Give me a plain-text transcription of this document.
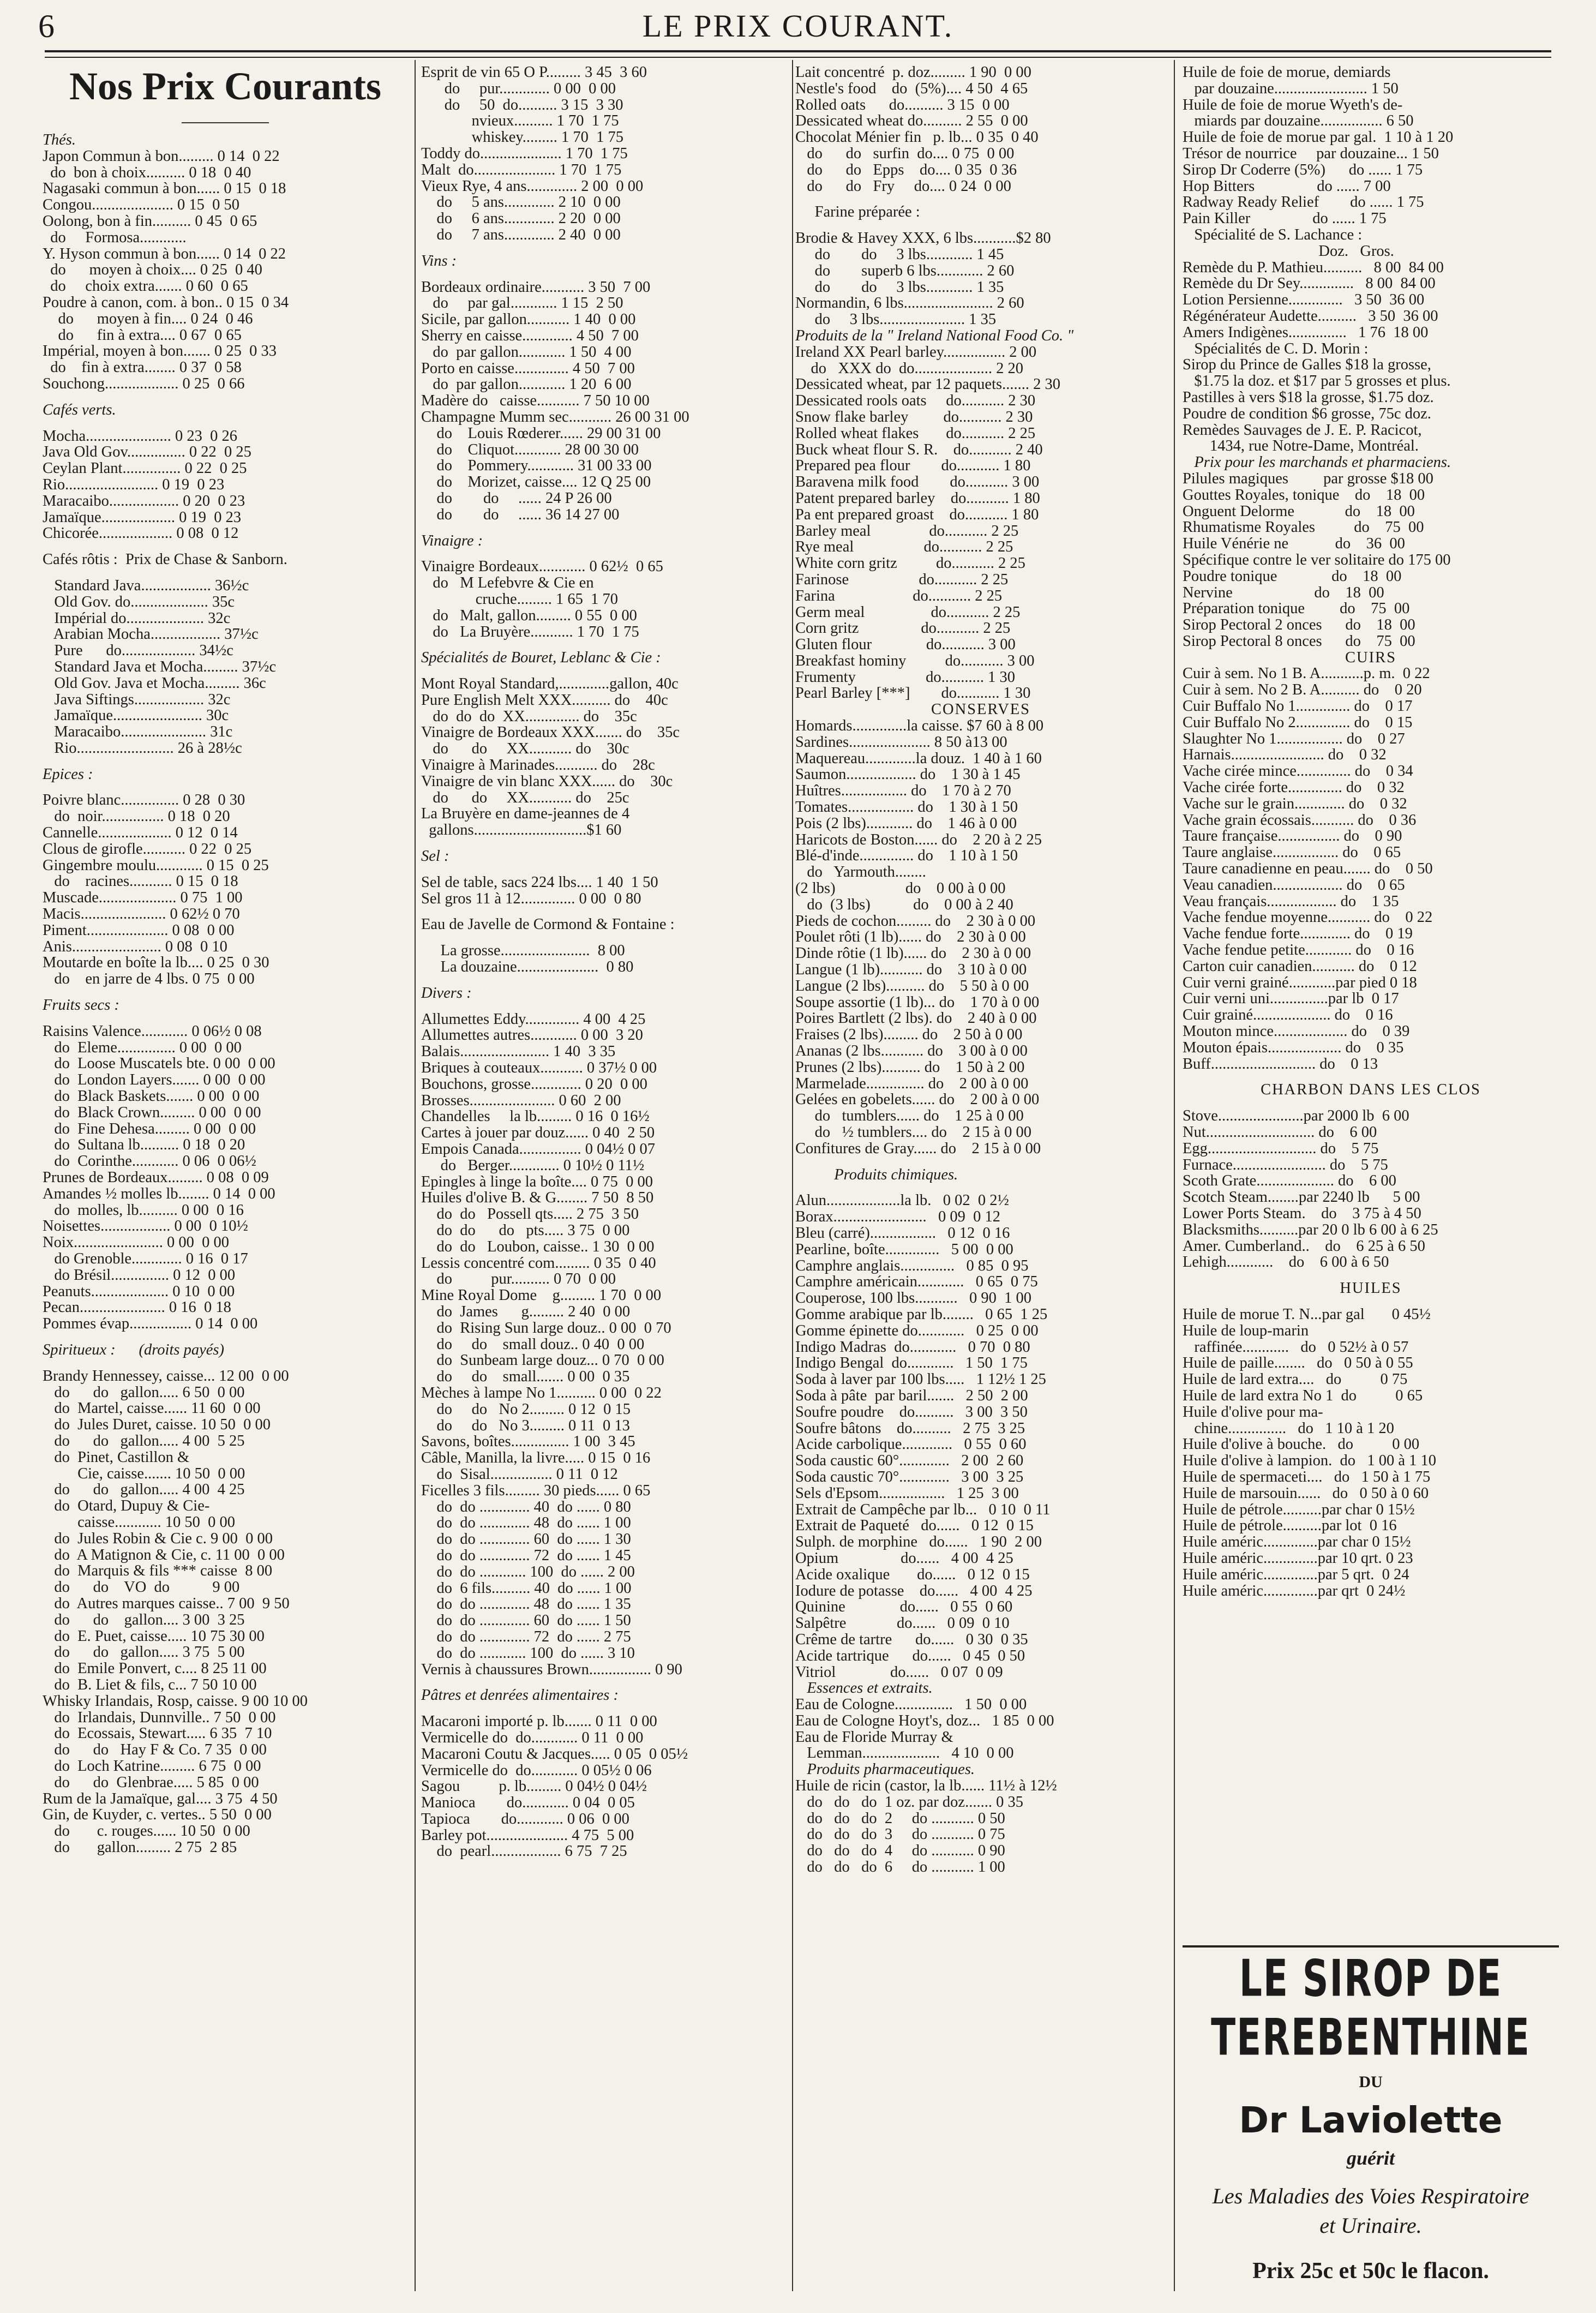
6	LE PRIX COURANT.
Nos Prix Courants
Thés.
Japon Commun à bon......... 0 14  0 22
do  bon à choix.......... 0 18  0 40
Nagasaki commun à bon...... 0 15  0 18
Congou..................... 0 15  0 50
Oolong, bon à fin.......... 0 45  0 65
do     Formosa............
Y. Hyson commun à bon...... 0 14  0 22
do      moyen à choix.... 0 25  0 40
do     choix extra....... 0 60  0 65
Poudre à canon, com. à bon.. 0 15  0 34
do      moyen à fin.... 0 24  0 46
do      fin à extra.... 0 67  0 65
Impérial, moyen à bon....... 0 25  0 33
do    fin à extra........ 0 37  0 58
Souchong................... 0 25  0 66
Cafés verts.
Mocha...................... 0 23  0 26
Java Old Gov............... 0 22  0 25
Ceylan Plant............... 0 22  0 25
Rio........................ 0 19  0 23
Maracaibo.................. 0 20  0 23
Jamaïque................... 0 19  0 23
Chicorée................... 0 08  0 12
Cafés rôtis :  Prix de Chase & Sanborn.
Standard Java.................. 36½c
Old Gov. do.................... 35c
Impérial do.................... 32c
Arabian Mocha.................. 37½c
Pure      do................... 34½c
Standard Java et Mocha......... 37½c
Old Gov. Java et Mocha......... 36c
Java Siftings.................. 32c
Jamaïque....................... 30c
Maracaibo...................... 31c
Rio......................... 26 à 28½c
Epices :
Poivre blanc............... 0 28  0 30
do  noir................ 0 18  0 20
Cannelle................... 0 12  0 14
Clous de girofle........... 0 22  0 25
Gingembre moulu............ 0 15  0 25
do    racines........... 0 15  0 18
Muscade.................... 0 75  1 00
Macis...................... 0 62½ 0 70
Piment..................... 0 08  0 00
Anis....................... 0 08  0 10
Moutarde en boîte la lb.... 0 25  0 30
do    en jarre de 4 lbs. 0 75  0 00
Fruits secs :
Raisins Valence............ 0 06½ 0 08
do  Eleme............... 0 00  0 00
do  Loose Muscatels bte. 0 00  0 00
do  London Layers....... 0 00  0 00
do  Black Baskets....... 0 00  0 00
do  Black Crown......... 0 00  0 00
do  Fine Dehesa......... 0 00  0 00
do  Sultana lb.......... 0 18  0 20
do  Corinthe............ 0 06  0 06½
Prunes de Bordeaux......... 0 08  0 09
Amandes ½ molles lb........ 0 14  0 00
do  molles, lb.......... 0 00  0 16
Noisettes.................. 0 00  0 10½
Noix....................... 0 00  0 00
do Grenoble............. 0 16  0 17
do Brésil............... 0 12  0 00
Peanuts.................... 0 10  0 00
Pecan...................... 0 16  0 18
Pommes évap................ 0 14  0 00
Spiritueux :      (droits payés)
Brandy Hennessey, caisse... 12 00  0 00
do      do   gallon..... 6 50  0 00
do  Martel, caisse...... 11 60  0 00
do  Jules Duret, caisse. 10 50  0 00
do      do   gallon..... 4 00  5 25
do  Pinet, Castillon &
Cie, caisse....... 10 50  0 00
do      do   gallon..... 4 00  4 25
do  Otard, Dupuy & Cie-
caisse............ 10 50  0 00
do  Jules Robin & Cie c. 9 00  0 00
do  A Matignon & Cie, c. 11 00  0 00
do  Marquis & fils *** caisse  8 00
do      do    VO  do           9 00
do  Autres marques caisse.. 7 00  9 50
do      do    gallon.... 3 00  3 25
do  E. Puet, caisse..... 10 75 30 00
do      do   gallon..... 3 75  5 00
do  Emile Ponvert, c.... 8 25 11 00
do  B. Liet & fils, c... 7 50 10 00
Whisky Irlandais, Rosp, caisse. 9 00 10 00
do  Irlandais, Dunnville.. 7 50  0 00
do  Ecossais, Stewart..... 6 35  7 10
do      do   Hay F & Co. 7 35  0 00
do  Loch Katrine......... 6 75  0 00
do      do  Glenbrae..... 5 85  0 00
Rum de la Jamaïque, gal.... 3 75  4 50
Gin, de Kuyder, c. vertes.. 5 50  0 00
do       c. rouges...... 10 50  0 00
do       gallon......... 2 75  2 85
Esprit de vin 65 O P......... 3 45  3 60
do     pur............. 0 00  0 00
do     50  do.......... 3 15  3 30
nvieux.......... 1 70  1 75
whiskey......... 1 70  1 75
Toddy do..................... 1 70  1 75
Malt  do..................... 1 70  1 75
Vieux Rye, 4 ans............. 2 00  0 00
do     5 ans............. 2 10  0 00
do     6 ans............. 2 20  0 00
do     7 ans............. 2 40  0 00
Vins :
Bordeaux ordinaire........... 3 50  7 00
do     par gal............ 1 15  2 50
Sicile, par gallon........... 1 40  0 00
Sherry en caisse............. 4 50  7 00
do  par gallon............ 1 50  4 00
Porto en caisse.............. 4 50  7 00
do  par gallon............ 1 20  6 00
Madère do   caisse........... 7 50 10 00
Champagne Mumm sec........... 26 00 31 00
do    Louis Rœderer...... 29 00 31 00
do    Cliquot............ 28 00 30 00
do    Pommery............ 31 00 33 00
do    Morizet, caisse.... 12 Q 25 00
do        do     ...... 24 P 26 00
do        do     ...... 36 14 27 00
Vinaigre :
Vinaigre Bordeaux............ 0 62½  0 65
do   M Lefebvre & Cie en
cruche......... 1 65  1 70
do   Malt, gallon......... 0 55  0 00
do   La Bruyère........... 1 70  1 75
Spécialités de Bouret, Leblanc & Cie :
Mont Royal Standard,.............gallon, 40c
Pure English Melt XXX.......... do    40c
do  do  do  XX.............. do    35c
Vinaigre de Bordeaux XXX....... do    35c
do      do     XX........... do    30c
Vinaigre à Marinades........... do    28c
Vinaigre de vin blanc XXX...... do    30c
do      do     XX........... do    25c
La Bruyère en dame-jeannes de 4
gallons.............................$1 60
Sel :
Sel de table, sacs 224 lbs.... 1 40  1 50
Sel gros 11 à 12.............. 0 00  0 80
Eau de Javelle de Cormond & Fontaine :
La grosse.......................  8 00
La douzaine.....................  0 80
Divers :
Allumettes Eddy.............. 4 00  4 25
Allumettes autres............ 0 00  3 20
Balais....................... 1 40  3 35
Briques à couteaux........... 0 37½ 0 00
Bouchons, grosse............. 0 20  0 00
Brosses...................... 0 60  2 00
Chandelles     la lb......... 0 16  0 16½
Cartes à jouer par douz...... 0 40  2 50
Empois Canada................ 0 04½ 0 07
do   Berger............. 0 10½ 0 11½
Epingles à linge la boîte.... 0 75  0 00
Huiles d'olive B. & G........ 7 50  8 50
do  do   Possell qts..... 2 75  3 50
do  do      do   pts..... 3 75  0 00
do  do   Loubon, caisse.. 1 30  0 00
Lessis concentré com......... 0 35  0 40
do          pur.......... 0 70  0 00
Mine Royal Dome    g......... 1 70  0 00
do  James      g......... 2 40  0 00
do  Rising Sun large douz.. 0 00  0 70
do     do    small douz.. 0 40  0 00
do  Sunbeam large douz... 0 70  0 00
do     do    small....... 0 00  0 35
Mèches à lampe No 1.......... 0 00  0 22
do     do   No 2......... 0 12  0 15
do     do   No 3......... 0 11  0 13
Savons, boîtes............... 1 00  3 45
Câble, Manilla, la livre..... 0 15  0 16
do  Sisal................ 0 11  0 12
Ficelles 3 fils......... 30 pieds...... 0 65
do  do ............. 40  do ...... 0 80
do  do ............. 48  do ...... 1 00
do  do ............. 60  do ...... 1 30
do  do ............. 72  do ...... 1 45
do  do ............ 100  do ...... 2 00
do  6 fils.......... 40  do ...... 1 00
do  do ............. 48  do ...... 1 35
do  do ............. 60  do ...... 1 50
do  do ............. 72  do ...... 2 75
do  do ............ 100  do ...... 3 10
Vernis à chaussures Brown................ 0 90
Pâtres et denrées alimentaires :
Macaroni importé p. lb....... 0 11  0 00
Vermicelle do  do............ 0 11  0 00
Macaroni Coutu & Jacques..... 0 05  0 05½
Vermicelle do  do............ 0 05½ 0 06
Sagou          p. lb......... 0 04½ 0 04½
Manioca        do............ 0 04  0 05
Tapioca        do............ 0 06  0 00
Barley pot..................... 4 75  5 00
do  pearl.................. 6 75  7 25
Lait concentré  p. doz......... 1 90  0 00
Nestle's food    do  (5%).... 4 50  4 65
Rolled oats      do.......... 3 15  0 00
Dessicated wheat do.......... 2 55  0 00
Chocolat Ménier fin   p. lb... 0 35  0 40
do      do   surfin  do.... 0 75  0 00
do      do   Epps    do.... 0 35  0 36
do      do   Fry     do.... 0 24  0 00
Farine préparée :
Brodie & Havey XXX, 6 lbs...........$2 80
do        do     3 lbs............ 1 45
do        superb 6 lbs............ 2 60
do        do     3 lbs............ 1 35
Normandin, 6 lbs....................... 2 60
do     3 lbs...................... 1 35
Produits de la " Ireland National Food Co. "
Ireland XX Pearl barley................ 2 00
do   XXX do  do.................... 2 20
Dessicated wheat, par 12 paquets....... 2 30
Dessicated rools oats     do........... 2 30
Snow flake barley         do........... 2 30
Rolled wheat flakes       do........... 2 25
Buck wheat flour S. R.    do........... 2 40
Prepared pea flour        do........... 1 80
Baravena milk food        do........... 3 00
Patent prepared barley    do........... 1 80
Pa ent prepared groast    do........... 1 80
Barley meal               do........... 2 25
Rye meal                  do........... 2 25
White corn gritz          do........... 2 25
Farinose                  do........... 2 25
Farina                    do........... 2 25
Germ meal                 do........... 2 25
Corn gritz                do........... 2 25
Gluten flour              do........... 3 00
Breakfast hominy          do........... 3 00
Frumenty                  do........... 1 30
Pearl Barley [***]        do........... 1 30
CONSERVES
Homards..............la caisse. $7 60 à 8 00
Sardines..................... 8 50 à13 00
Maquereau.............la douz.  1 40 à 1 60
Saumon.................. do    1 30 à 1 45
Huîtres................. do    1 70 à 2 70
Tomates................. do    1 30 à 1 50
Pois (2 lbs)............ do    1 46 à 0 00
Haricots de Boston...... do    2 20 à 2 25
Blé-d'inde.............. do    1 10 à 1 50
do   Yarmouth........
(2 lbs)                  do    0 00 à 0 00
do  (3 lbs)           do    0 00 à 2 40
Pieds de cochon......... do    2 30 à 0 00
Poulet rôti (1 lb)...... do    2 30 à 0 00
Dinde rôtie (1 lb)...... do    2 30 à 0 00
Langue (1 lb)........... do    3 10 à 0 00
Langue (2 lbs).......... do    5 50 à 0 00
Soupe assortie (1 lb)... do    1 70 à 0 00
Poires Bartlett (2 lbs). do    2 40 à 0 00
Fraises (2 lbs)......... do    2 50 à 0 00
Ananas (2 lbs........... do    3 00 à 0 00
Prunes (2 lbs).......... do    1 50 à 2 00
Marmelade............... do    2 00 à 0 00
Gelées en gobelets...... do    2 00 à 0 00
do   tumblers...... do    1 25 à 0 00
do   ½ tumblers.... do    2 15 à 0 00
Confitures de Gray...... do    2 15 à 0 00
Produits chimiques.
Alun...................la lb.   0 02  0 2½
Borax........................   0 09  0 12
Bleu (carré).................   0 12  0 16
Pearline, boîte..............   5 00  0 00
Camphre anglais..............   0 85  0 95
Camphre américain............   0 65  0 75
Couperose, 100 lbs...........   0 90  1 00
Gomme arabique par lb........   0 65  1 25
Gomme épinette do............   0 25  0 00
Indigo Madras  do............   0 70  0 80
Indigo Bengal  do............   1 50  1 75
Soda à laver par 100 lbs.....   1 12½ 1 25
Soda à pâte  par baril.......   2 50  2 00
Soufre poudre    do..........   3 00  3 50
Soufre bâtons    do..........   2 75  3 25
Acide carbolique.............   0 55  0 60
Soda caustic 60°.............   2 00  2 60
Soda caustic 70°.............   3 00  3 25
Sels d'Epsom.................   1 25  3 00
Extrait de Campêche par lb...   0 10  0 11
Extrait de Paqueté   do......   0 12  0 15
Sulph. de morphine   do......   1 90  2 00
Opium                do......   4 00  4 25
Acide oxalique       do......   0 12  0 15
Iodure de potasse    do......   4 00  4 25
Quinine              do......   0 55  0 60
Salpêtre             do......   0 09  0 10
Crême de tartre      do......   0 30  0 35
Acide tartrique      do......   0 45  0 50
Vitriol              do......   0 07  0 09
Essences et extraits.
Eau de Cologne...............   1 50  0 00
Eau de Cologne Hoyt's, doz...   1 85  0 00
Eau de Floride Murray &
Lemman....................   4 10  0 00
Produits pharmaceutiques.
Huile de ricin (castor, la lb...... 11½ à 12½
do   do   do  1 oz. par doz....... 0 35
do   do   do  2     do ........... 0 50
do   do   do  3     do ........... 0 75
do   do   do  4     do ........... 0 90
do   do   do  6     do ........... 1 00
Huile de foie de morue, demiards
par douzaine........................ 1 50
Huile de foie de morue Wyeth's de-
miards par douzaine................ 6 50
Huile de foie de morue par gal.  1 10 à 1 20
Trésor de nourrice     par douzaine... 1 50
Sirop Dr Coderre (5%)      do ...... 1 75
Hop Bitters                do ...... 7 00
Radway Ready Relief        do ...... 1 75
Pain Killer                do ...... 1 75
Spécialité de S. Lachance :
Doz.   Gros.
Remède du P. Mathieu..........   8 00  84 00
Remède du Dr Sey..............   8 00  84 00
Lotion Persienne..............   3 50  36 00
Régénérateur Audette..........   3 50  36 00
Amers Indigènes...............   1 76  18 00
Spécialités de C. D. Morin :
Sirop du Prince de Galles $18 la grosse,
$1.75 la doz. et $17 par 5 grosses et plus.
Pastilles à vers $18 la grosse, $1.75 doz.
Poudre de condition $6 grosse, 75c doz.
Remèdes Sauvages de J. E. P. Racicot,
1434, rue Notre-Dame, Montréal.
Prix pour les marchands et pharmaciens.
Pilules magiques         par grosse $18 00
Gouttes Royales, tonique    do    18  00
Onguent Delorme             do    18  00
Rhumatisme Royales          do    75  00
Huile Vénérie ne            do    36  00
Spécifique contre le ver solitaire do 175 00
Poudre tonique              do    18  00
Nervine                     do    18  00
Préparation tonique         do    75  00
Sirop Pectoral 2 onces      do    18  00
Sirop Pectoral 8 onces      do    75  00
CUIRS
Cuir à sem. No 1 B. A...........p. m.  0 22
Cuir à sem. No 2 B. A.......... do    0 20
Cuir Buffalo No 1.............. do    0 17
Cuir Buffalo No 2.............. do    0 15
Slaughter No 1................. do    0 27
Harnais........................ do    0 32
Vache cirée mince.............. do    0 34
Vache cirée forte.............. do    0 32
Vache sur le grain............. do    0 32
Vache grain écossais........... do    0 36
Taure française................ do    0 90
Taure anglaise................. do    0 65
Taure canadienne en peau....... do    0 50
Veau canadien.................. do    0 65
Veau français.................. do    1 35
Vache fendue moyenne........... do    0 22
Vache fendue forte............. do    0 19
Vache fendue petite............ do    0 16
Carton cuir canadien........... do    0 12
Cuir verni grainé............par pied 0 18
Cuir verni uni...............par lb  0 17
Cuir grainé.................... do    0 16
Mouton mince................... do    0 39
Mouton épais................... do    0 35
Buff........................... do    0 13
CHARBON DANS LES CLOS
Stove......................par 2000 lb  6 00
Nut............................ do    6 00
Egg............................ do    5 75
Furnace........................ do    5 75
Scoth Grate.................... do    6 00
Scotch Steam........par 2240 lb      5 00
Lower Ports Steam.    do    3 75 à 4 50
Blacksmiths..........par 20 0 lb 6 00 à 6 25
Amer. Cumberland..    do    6 25 à 6 50
Lehigh............    do    6 00 à 6 50
HUILES
Huile de morue T. N...par gal       0 45½
Huile de loup-marin
raffinée............   do   0 52½ à 0 57
Huile de paille........   do   0 50 à 0 55
Huile de lard extra....   do          0 75
Huile de lard extra No 1  do          0 65
Huile d'olive pour ma-
chine...............   do   1 10 à 1 20
Huile d'olive à bouche.   do          0 00
Huile d'olive à lampion.  do   1 00 à 1 10
Huile de spermaceti....   do   1 50 à 1 75
Huile de marsouin......   do   0 50 à 0 60
Huile de pétrole..........par char 0 15½
Huile de pétrole..........par lot  0 16
Huile améric..............par char 0 15½
Huile améric..............par 10 qrt. 0 23
Huile améric..............par 5 qrt.  0 24
Huile améric..............par qrt  0 24½
LE SIROP DE TEREBENTHINE
DU
Dr Laviolette
guérit
Les Maladies des Voies Respiratoire
et Urinaire.
Prix 25c et 50c le flacon.
